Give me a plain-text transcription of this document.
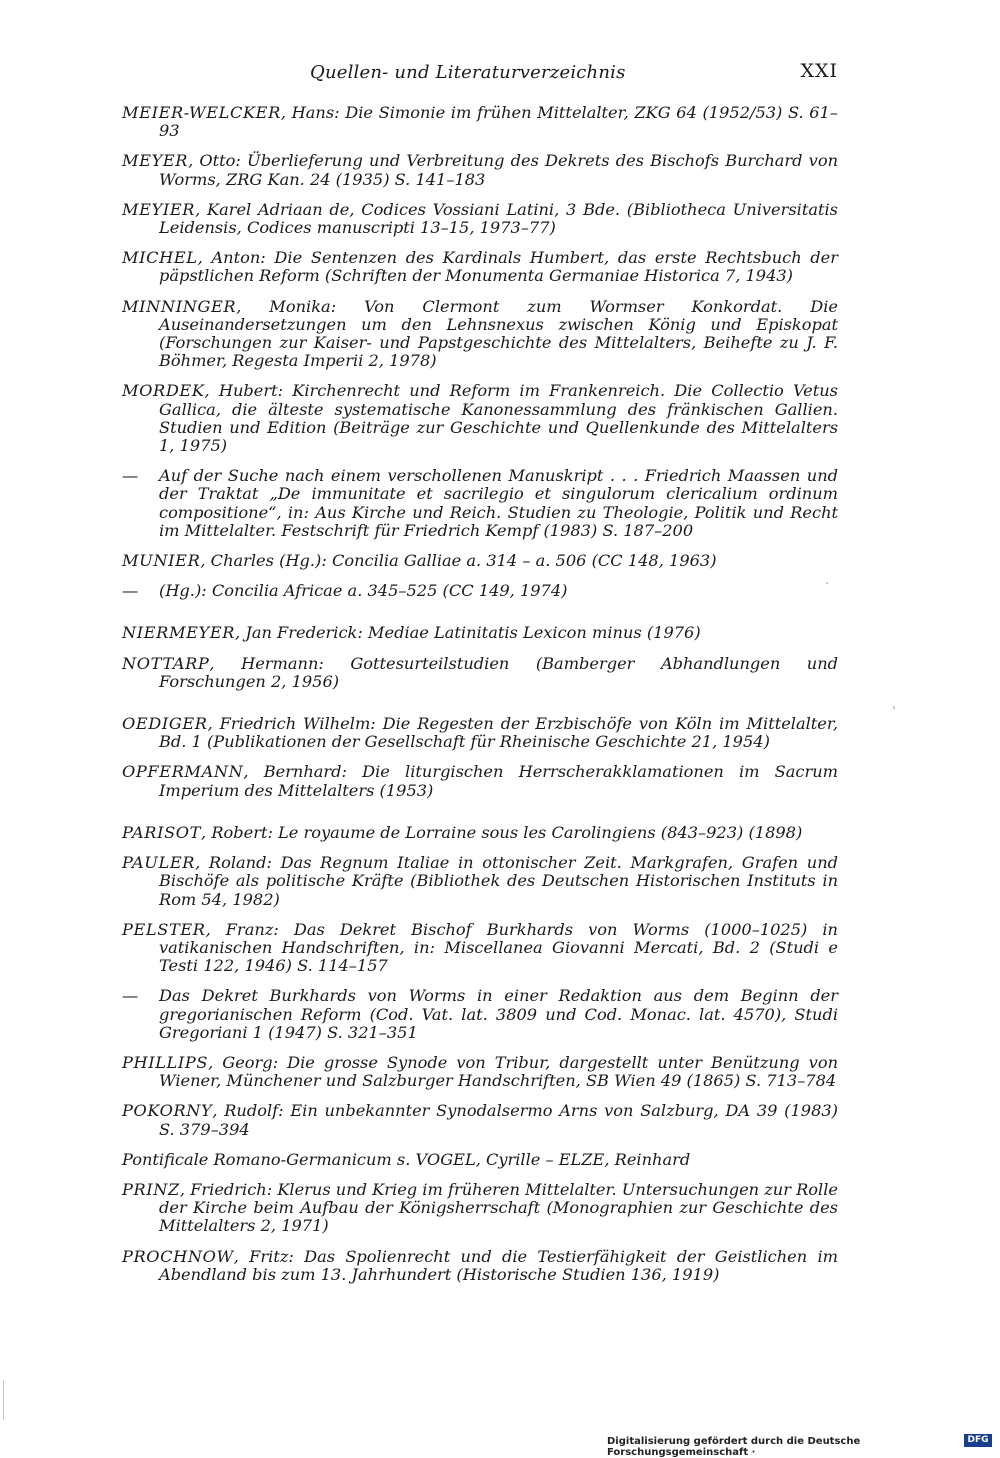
Quellen- und Literaturverzeichnis	XXI
MEIER-WELCKER, Hans: Die Simonie im frühen Mittelalter, ZKG 64 (1952/53) S. 61–93
MEYER, Otto: Überlieferung und Verbreitung des Dekrets des Bischofs Burchard von Worms, ZRG Kan. 24 (1935) S. 141–183
MEYIER, Karel Adriaan de, Codices Vossiani Latini, 3 Bde. (Bibliotheca Universitatis Leidensis, Codices manuscripti 13–15, 1973–77)
MICHEL, Anton: Die Sentenzen des Kardinals Humbert, das erste Rechtsbuch der päpstlichen Reform (Schriften der Monumenta Germaniae Historica 7, 1943)
MINNINGER, Monika: Von Clermont zum Wormser Konkordat. Die Auseinandersetzungen um den Lehnsnexus zwischen König und Episkopat (Forschungen zur Kaiser- und Papstgeschichte des Mittelalters, Beihefte zu J. F. Böhmer, Regesta Imperii 2, 1978)
MORDEK, Hubert: Kirchenrecht und Reform im Frankenreich. Die Collectio Vetus Gallica, die älteste systematische Kanonessammlung des fränkischen Gallien. Studien und Edition (Beiträge zur Geschichte und Quellenkunde des Mittelalters 1, 1975)
— Auf der Suche nach einem verschollenen Manuskript . . . Friedrich Maassen und der Traktat „De immunitate et sacrilegio et singulorum clericalium ordinum compositione“, in: Aus Kirche und Reich. Studien zu Theologie, Politik und Recht im Mittelalter. Festschrift für Friedrich Kempf (1983) S. 187–200
MUNIER, Charles (Hg.): Concilia Galliae a. 314 – a. 506 (CC 148, 1963)
— (Hg.): Concilia Africae a. 345–525 (CC 149, 1974)
NIERMEYER, Jan Frederick: Mediae Latinitatis Lexicon minus (1976)
NOTTARP, Hermann: Gottesurteilstudien (Bamberger Abhandlungen und Forschungen 2, 1956)
OEDIGER, Friedrich Wilhelm: Die Regesten der Erzbischöfe von Köln im Mittelalter, Bd. 1 (Publikationen der Gesellschaft für Rheinische Geschichte 21, 1954)
OPFERMANN, Bernhard: Die liturgischen Herrscherakklamationen im Sacrum Imperium des Mittelalters (1953)
PARISOT, Robert: Le royaume de Lorraine sous les Carolingiens (843–923) (1898)
PAULER, Roland: Das Regnum Italiae in ottonischer Zeit. Markgrafen, Grafen und Bischöfe als politische Kräfte (Bibliothek des Deutschen Historischen Instituts in Rom 54, 1982)
PELSTER, Franz: Das Dekret Bischof Burkhards von Worms (1000–1025) in vatikanischen Handschriften, in: Miscellanea Giovanni Mercati, Bd. 2 (Studi e Testi 122, 1946) S. 114–157
— Das Dekret Burkhards von Worms in einer Redaktion aus dem Beginn der gregorianischen Reform (Cod. Vat. lat. 3809 und Cod. Monac. lat. 4570), Studi Gregoriani 1 (1947) S. 321–351
PHILLIPS, Georg: Die grosse Synode von Tribur, dargestellt unter Benützung von Wiener, Münchener und Salzburger Handschriften, SB Wien 49 (1865) S. 713–784
POKORNY, Rudolf: Ein unbekannter Synodalsermo Arns von Salzburg, DA 39 (1983) S. 379–394
Pontificale Romano-Germanicum s. VOGEL, Cyrille – ELZE, Reinhard
PRINZ, Friedrich: Klerus und Krieg im früheren Mittelalter. Untersuchungen zur Rolle der Kirche beim Aufbau der Königsherrschaft (Monographien zur Geschichte des Mittelalters 2, 1971)
PROCHNOW, Fritz: Das Spolienrecht und die Testierfähigkeit der Geistlichen im Abendland bis zum 13. Jahrhundert (Historische Studien 136, 1919)
Digitalisierung gefördert durch die Deutsche Forschungsgemeinschaft ·
DFG
